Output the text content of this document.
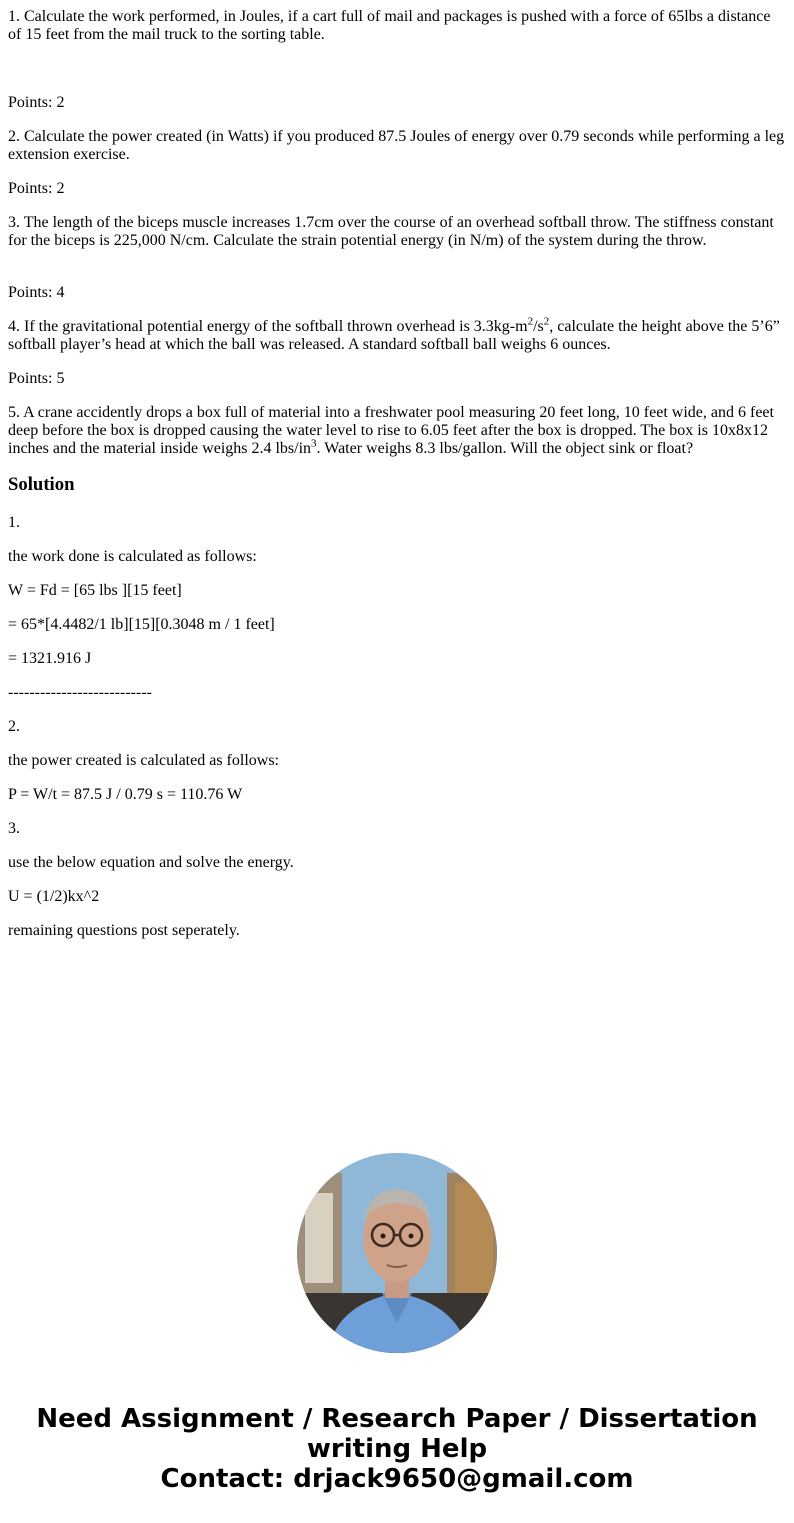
1. Calculate the work performed, in Joules, if a cart full of mail and packages is pushed with a force of 65lbs a distance of 15 feet from the mail truck to the sorting table.

Points: 2

2. Calculate the power created (in Watts) if you produced 87.5 Joules of energy over 0.79 seconds while performing a leg extension exercise.

Points: 2

3. The length of the biceps muscle increases 1.7cm over the course of an overhead softball throw. The stiffness constant for the biceps is 225,000 N/cm. Calculate the strain potential energy (in N/m) of the system during the throw.

Points: 4

4. If the gravitational potential energy of the softball thrown overhead is $3.3kg-m^2/s^2$, calculate the height above the 5’6” softball player’s head at which the ball was released. A standard softball ball weighs 6 ounces.

Points: 5

5. A crane accidently drops a box full of material into a freshwater pool measuring 20 feet long, 10 feet wide, and 6 feet deep before the box is dropped causing the water level to rise to 6.05 feet after the box is dropped. The box is 10x8x12 inches and the material inside weighs 2.4 lbs/$in^3$. Water weighs 8.3 lbs/gallon. Will the object sink or float?

Solution

1.

the work done is calculated as follows:

W = Fd = [65 lbs ][15 feet]

= 65*[4.4482/1 lb][15][0.3048 m / 1 feet]

= 1321.916 J

---------------------------

2.

the power created is calculated as follows:

P = W/t = 87.5 J / 0.79 s = 110.76 W

3.

use the below equation and solve the energy.

U = (1/2)kx^2

remaining questions post seperately.

Need Assignment / Research Paper / Dissertation
writing Help
Contact: drjack9650@gmail.com
